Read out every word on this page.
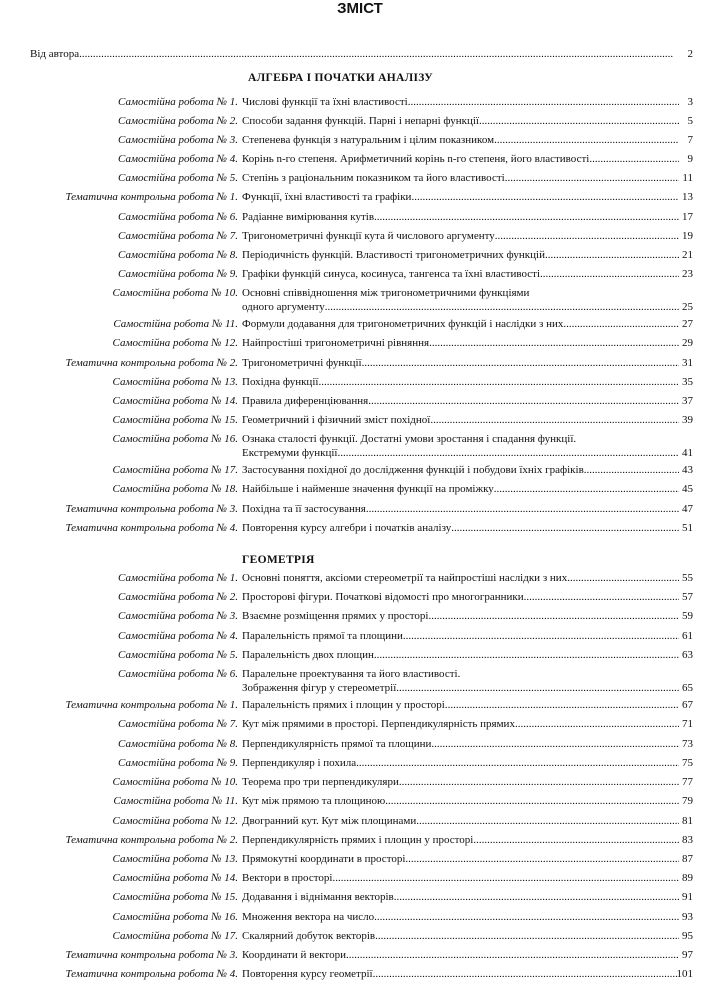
ЗМІСТ
Від автора .....	2
АЛГЕБРА І ПОЧАТКИ АНАЛІЗУ
Самостійна робота № 1. Числові функції та їхні властивості .....	3
Самостійна робота № 2. Способи задання функцій. Парні і непарні функції .....	5
Самостійна робота № 3. Степенева функція з натуральним і цілим показником .....	7
Самостійна робота № 4. Корінь n-го степеня. Арифметичний корінь n-го степеня, його властивості .....	9
Самостійна робота № 5. Степінь з раціональним показником та його властивості .....	11
Тематична контрольна робота № 1. Функції, їхні властивості та графіки .....	13
Самостійна робота № 6. Радіанне вимірювання кутів .....	17
Самостійна робота № 7. Тригонометричні функції кута й числового аргументу .....	19
Самостійна робота № 8. Періодичність функцій. Властивості тригонометричних функцій .....	21
Самостійна робота № 9. Графіки функцій синуса, косинуса, тангенса та їхні властивості .....	23
Самостійна робота № 10. Основні співвідношення між тригонометричними функціями
одного аргументу .....	25
Самостійна робота № 11. Формули додавання для тригонометричних функцій і наслідки з них .....	27
Самостійна робота № 12. Найпростіші тригонометричні рівняння .....	29
Тематична контрольна робота № 2. Тригонометричні функції .....	31
Самостійна робота № 13. Похідна функції .....	35
Самостійна робота № 14. Правила диференціювання .....	37
Самостійна робота № 15. Геометричний і фізичний зміст похідної .....	39
Самостійна робота № 16. Ознака сталості функції. Достатні умови зростання і спадання функції.
Екстремуми функції .....	41
Самостійна робота № 17. Застосування похідної до дослідження функцій і побудови їхніх графіків .....	43
Самостійна робота № 18. Найбільше і найменше значення функції на проміжку .....	45
Тематична контрольна робота № 3. Похідна та її застосування .....	47
Тематична контрольна робота № 4. Повторення курсу алгебри і початків аналізу .....	51
ГЕОМЕТРІЯ
Самостійна робота № 1. Основні поняття, аксіоми стереометрії та найпростіші наслідки з них .....	55
Самостійна робота № 2. Просторові фігури. Початкові відомості про многогранники .....	57
Самостійна робота № 3. Взаємне розміщення прямих у просторі .....	59
Самостійна робота № 4. Паралельність прямої та площини .....	61
Самостійна робота № 5. Паралельність двох площин .....	63
Самостійна робота № 6. Паралельне проектування та його властивості.
Зображення фігур у стереометрії .....	65
Тематична контрольна робота № 1. Паралельність прямих і площин у просторі .....	67
Самостійна робота № 7. Кут між прямими в просторі. Перпендикулярність прямих .....	71
Самостійна робота № 8. Перпендикулярність прямої та площини .....	73
Самостійна робота № 9. Перпендикуляр і похила .....	75
Самостійна робота № 10. Теорема про три перпендикуляри .....	77
Самостійна робота № 11. Кут між прямою та площиною .....	79
Самостійна робота № 12. Двогранний кут. Кут між площинами .....	81
Тематична контрольна робота № 2. Перпендикулярність прямих і площин у просторі .....	83
Самостійна робота № 13. Прямокутні координати в просторі .....	87
Самостійна робота № 14. Вектори в просторі .....	89
Самостійна робота № 15. Додавання і віднімання векторів .....	91
Самостійна робота № 16. Множення вектора на число .....	93
Самостійна робота № 17. Скалярний добуток векторів .....	95
Тематична контрольна робота № 3. Координати й вектори .....	97
Тематична контрольна робота № 4. Повторення курсу геометрії .....	101
